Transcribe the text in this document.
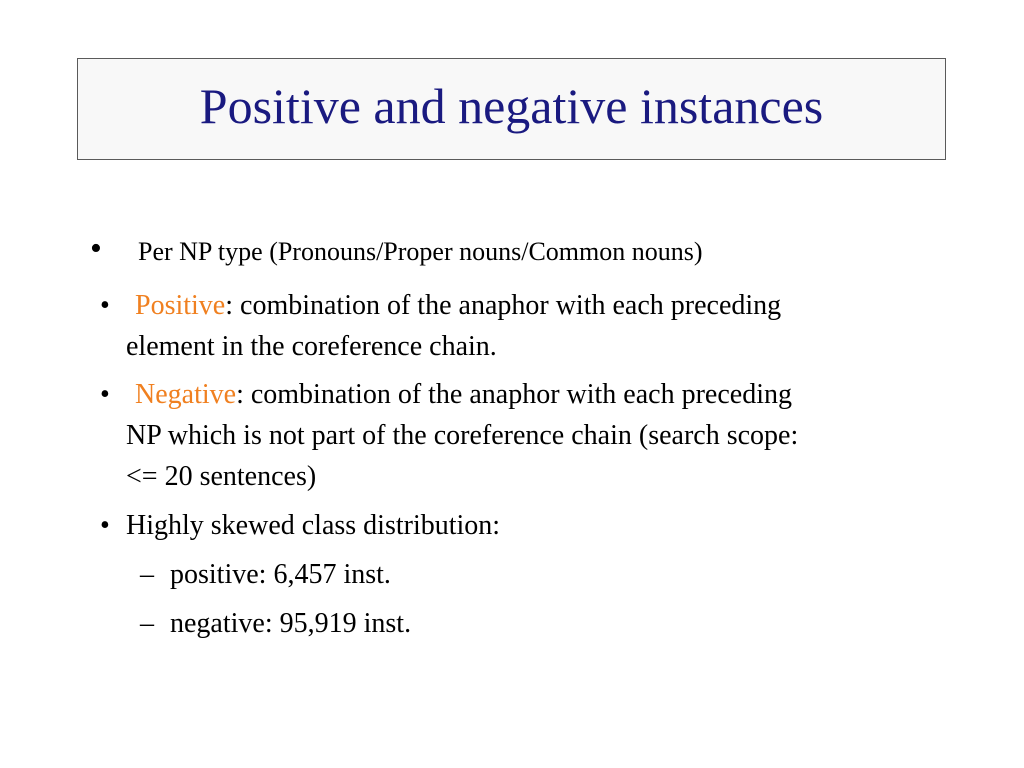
Positive and negative instances
• Per NP type (Pronouns/Proper nouns/Common nouns)
• Positive: combination of the anaphor with each preceding
element in the coreference chain.
• Negative: combination of the anaphor with each preceding
NP which is not part of the coreference chain (search scope:
<= 20 sentences)
• Highly skewed class distribution:
– positive: 6,457 inst.
– negative: 95,919 inst.
